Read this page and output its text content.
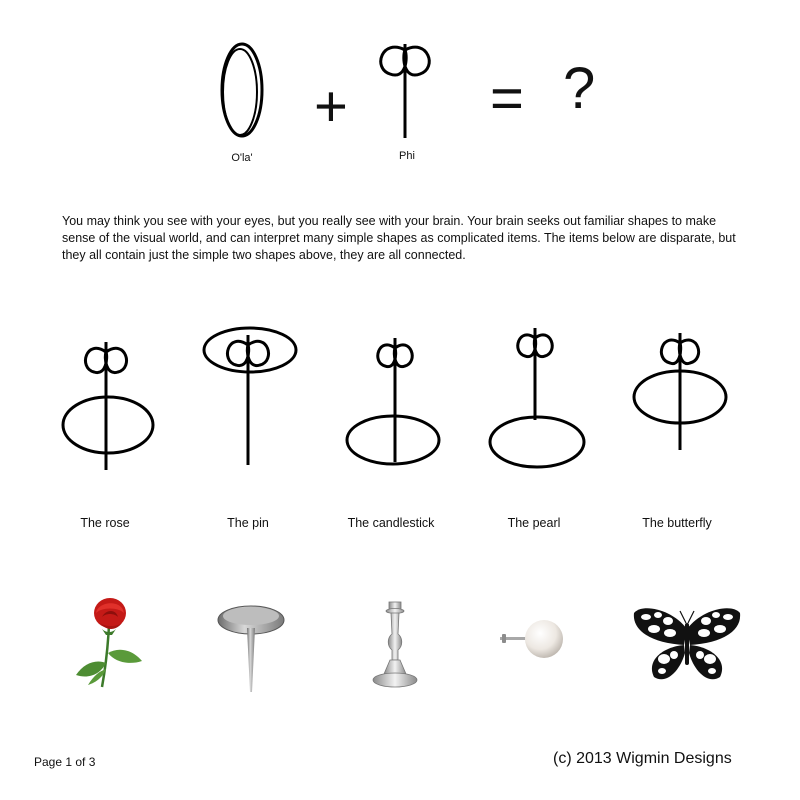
O'la'
+
Phi
= ?
You may think you see with your eyes, but you really see with your brain. Your brain seeks out familiar shapes to make sense of the visual world, and can interpret many simple shapes as complicated items. The items below are disparate, but they all contain just the simple two shapes above, they are all connected.
The rose	The pin	The candlestick	The pearl	The butterfly
Page 1 of 3	(c) 2013 Wigmin Designs
